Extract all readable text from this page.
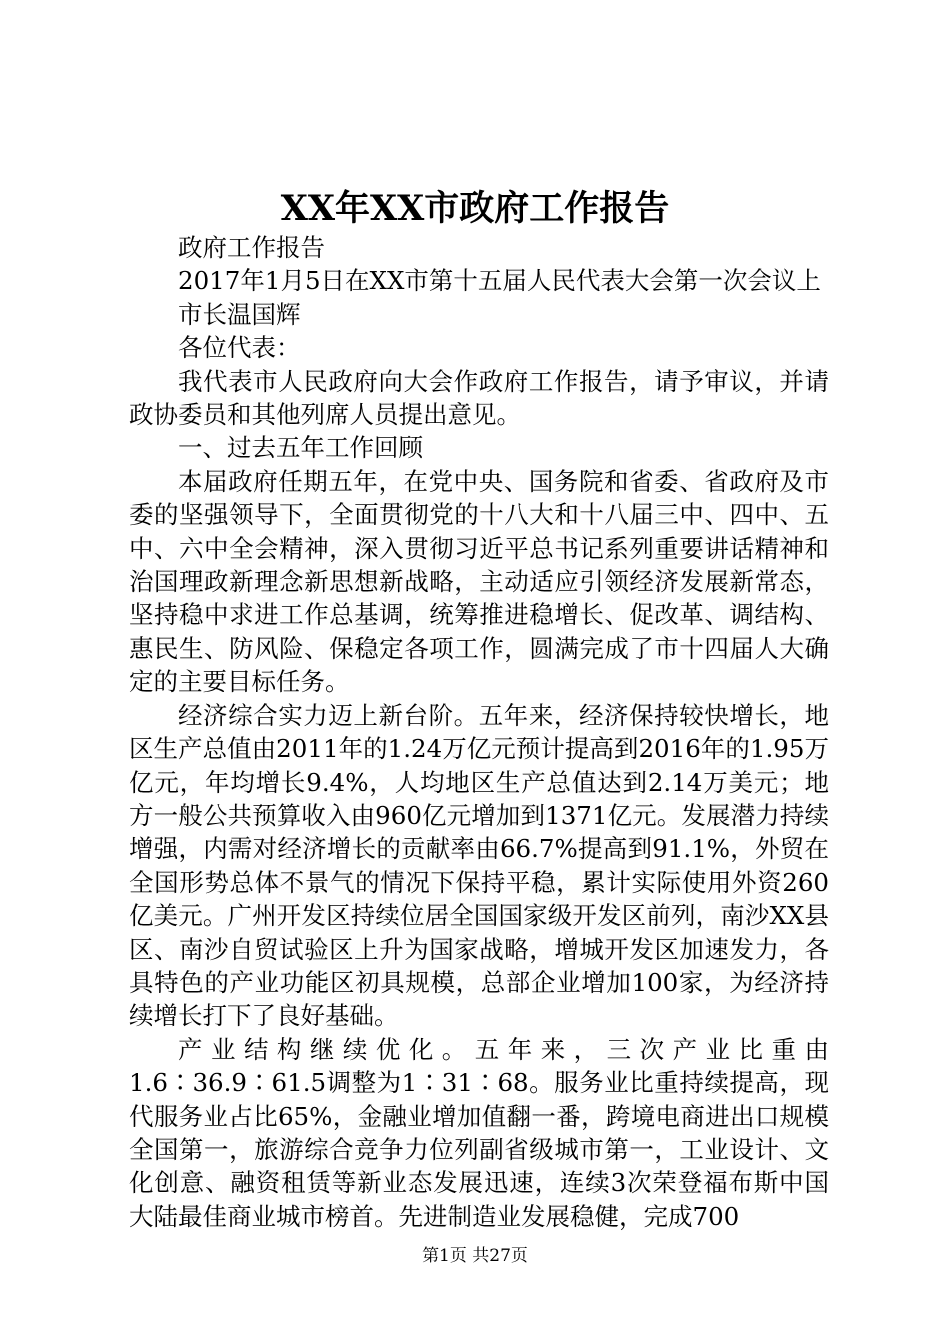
XX年XX市政府工作报告

政府工作报告

2017年1月5日在XX市第十五届人民代表大会第一次会议上

市长温国辉

各位代表：

我代表市人民政府向大会作政府工作报告，请予审议，并请政协委员和其他列席人员提出意见。

一、过去五年工作回顾

本届政府任期五年，在党中央、国务院和省委、省政府及市委的坚强领导下，全面贯彻党的十八大和十八届三中、四中、五中、六中全会精神，深入贯彻习近平总书记系列重要讲话精神和治国理政新理念新思想新战略，主动适应引领经济发展新常态，坚持稳中求进工作总基调，统筹推进稳增长、促改革、调结构、惠民生、防风险、保稳定各项工作，圆满完成了市十四届人大确定的主要目标任务。

经济综合实力迈上新台阶。五年来，经济保持较快增长，地区生产总值由2011年的1.24万亿元预计提高到2016年的1.95万亿元，年均增长9.4%，人均地区生产总值达到2.14万美元；地方一般公共预算收入由960亿元增加到1371亿元。发展潜力持续增强，内需对经济增长的贡献率由66.7%提高到91.1%，外贸在全国形势总体不景气的情况下保持平稳，累计实际使用外资260亿美元。广州开发区持续位居全国国家级开发区前列，南沙XX县区、南沙自贸试验区上升为国家战略，增城开发区加速发力，各具特色的产业功能区初具规模，总部企业增加100家，为经济持续增长打下了良好基础。

产业结构继续优化。五年来，三次产业比重由

1.6∶36.9∶61.5调整为1∶31∶68。服务业比重持续提高，现代服务业占比65%，金融业增加值翻一番，跨境电商进出口规模全国第一，旅游综合竞争力位列副省级城市第一，工业设计、文化创意、融资租赁等新业态发展迅速，连续3次荣登福布斯中国大陆最佳商业城市榜首。先进制造业发展稳健，完成700

第1页 共27页
